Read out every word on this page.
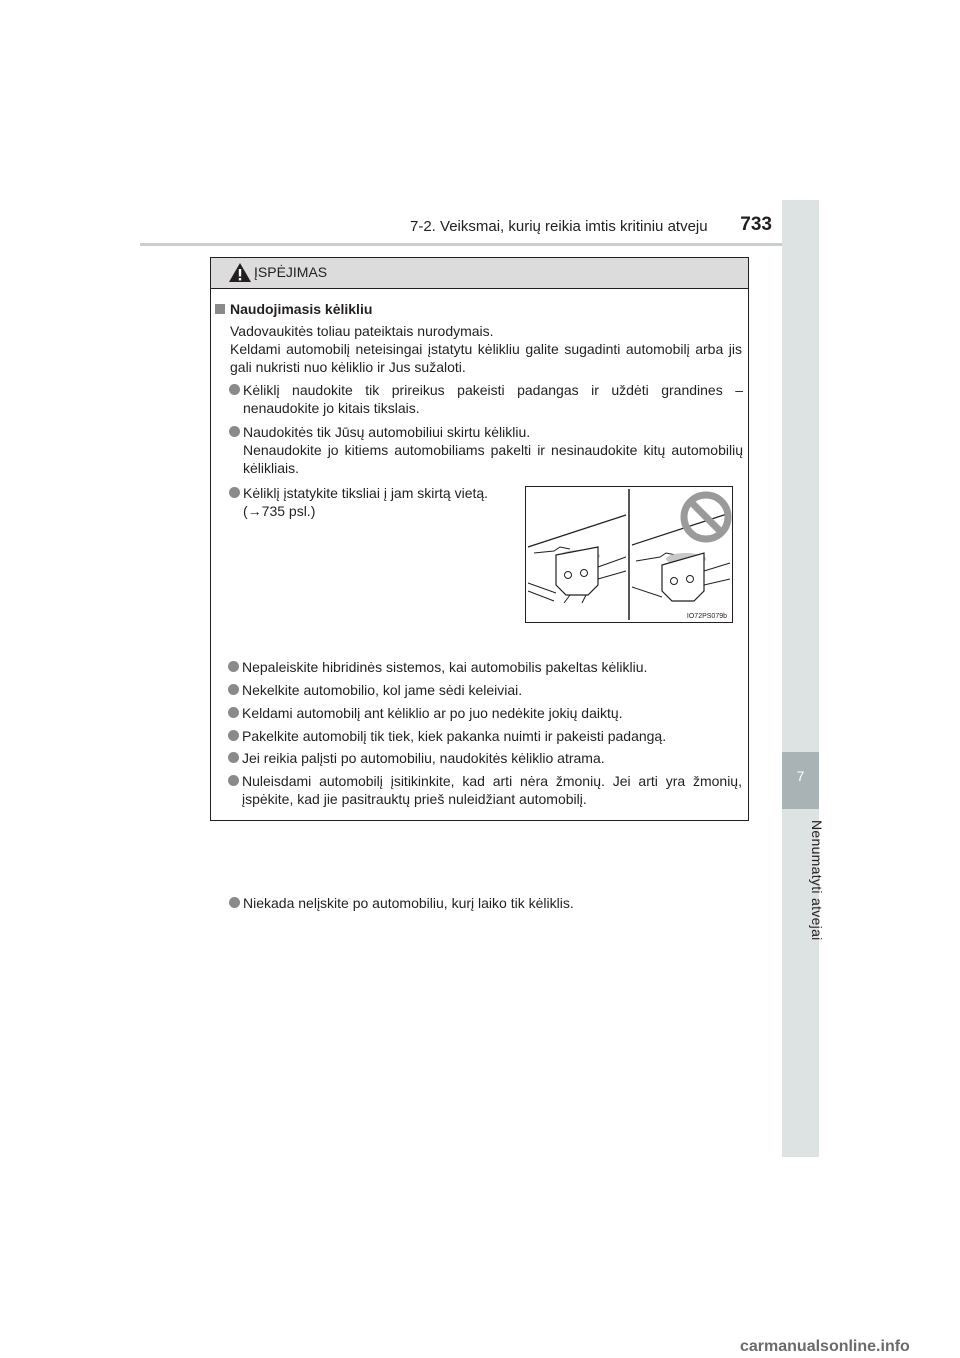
7-2. Veiksmai, kurių reikia imtis kritiniu atveju	733
7
Nenumatyti atvejai
ĮSPĖJIMAS
Naudojimasis kėlikliu
Vadovaukitės toliau pateiktais nurodymais.
Keldami automobilį neteisingai įstatytu kėlikliu galite sugadinti automobilį arba jis gali nukristi nuo kėliklio ir Jus sužaloti.
Kėliklį naudokite tik prireikus pakeisti padangas ir uždėti grandines – nenaudokite jo kitais tikslais.
Naudokitės tik Jūsų automobiliui skirtu kėlikliu.
Nenaudokite jo kitiems automobiliams pakelti ir nesinaudokite kitų automobilių kėlikliais.
Kėliklį įstatykite tiksliai į jam skirtą vietą.
(→735 psl.)
Niekada nelįskite po automobiliu, kurį laiko tik kėliklis.
IO72PS079b
Nepaleiskite hibridinės sistemos, kai automobilis pakeltas kėlikliu.
Nekelkite automobilio, kol jame sėdi keleiviai.
Keldami automobilį ant kėliklio ar po juo nedėkite jokių daiktų.
Pakelkite automobilį tik tiek, kiek pakanka nuimti ir pakeisti padangą.
Jei reikia palįsti po automobiliu, naudokitės kėliklio atrama.
Nuleisdami automobilį įsitikinkite, kad arti nėra žmonių. Jei arti yra žmonių, įspėkite, kad jie pasitrauktų prieš nuleidžiant automobilį.
carmanualsonline.info
